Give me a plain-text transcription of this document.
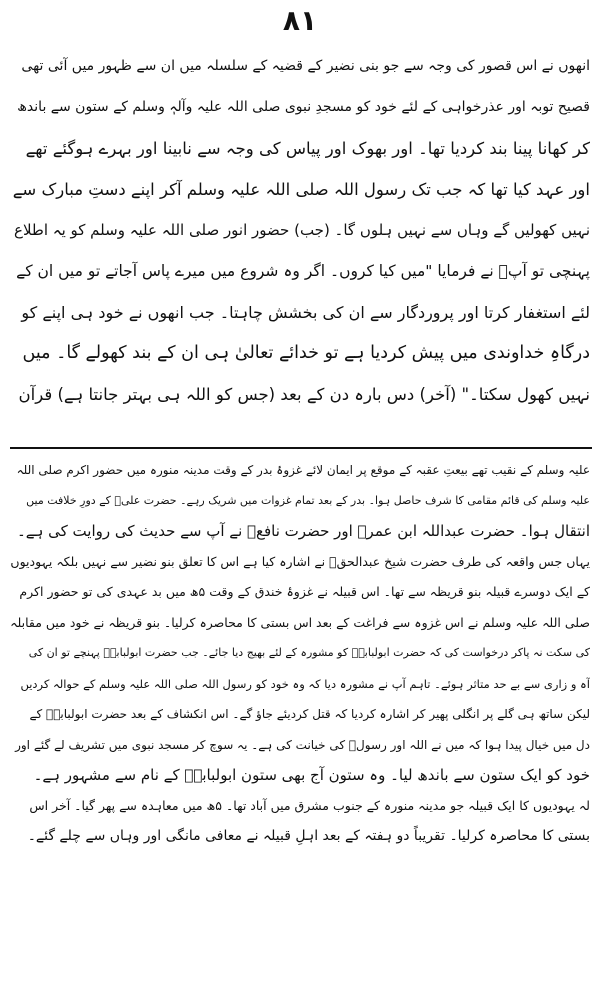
۸۱
انھوں نے اس قصور کی وجہ سے جو بنی نضیر کے قضیہ کے سلسلہ میں ان سے ظہور میں آئی تھی
قصیح توبہ اور عذرخواہی کے لئے خود کو مسجدِ نبوی صلی اللہ علیہ وآلہٖ وسلم کے ستون سے باندھ
کر کھانا پینا بند کردیا تھا۔ اور بھوک اور پیاس کی وجہ سے نابینا اور بہرے ہوگئے تھے
اور عہد کیا تھا کہ جب تک رسول اللہ صلی اللہ علیہ وسلم آکر اپنے دستِ مبارک سے
نہیں کھولیں گے وہاں سے نہیں ہلوں گا۔ (جب) حضور انور صلی اللہ علیہ وسلم کو یہ اطلاع
پہنچی تو آپؐ نے فرمایا "میں کیا کروں۔ اگر وہ شروع میں میرے پاس آجاتے تو میں ان کے
لئے استغفار کرتا اور پروردگار سے ان کی بخشش چاہتا۔ جب انھوں نے خود ہی اپنے کو
درگاہِ خداوندی میں پیش کردیا ہے تو خدائے تعالیٰ ہی ان کے بند کھولے گا۔ میں
نہیں کھول سکتا۔" (آخر) دس بارہ دن کے بعد (جس کو اللہ ہی بہتر جانتا ہے) قرآن
علیہ وسلم کے نقیب تھے بیعتِ عقبہ کے موقع پر ایمان لائے غزوۂ بدر کے وقت مدینہ منورہ میں حضور اکرم صلی اللہ
علیہ وسلم کی قائم مقامی کا شرف حاصل ہوا۔ بدر کے بعد تمام غزوات میں شریک رہے۔ حضرت علیؓ کے دورِ خلافت میں
انتقال ہوا۔ حضرت عبداللہ ابن عمرؓ اور حضرت نافعؓ نے آپ سے حدیث کی روایت کی ہے۔
یہاں جس واقعہ کی طرف حضرت شیخ عبدالحقؒ نے اشارہ کیا ہے اس کا تعلق بنو نضیر سے نہیں بلکہ یہودیوں
کے ایک دوسرے قبیلہ بنو قریظہ سے تھا۔ اس قبیلہ نے غزوۂ خندق کے وقت ۵ھ میں بد عہدی کی تو حضور اکرم
صلی اللہ علیہ وسلم نے اس غزوہ سے فراغت کے بعد اس بستی کا محاصرہ کرلیا۔ بنو قریظہ نے خود میں مقابلہ
کی سکت نہ پاکر درخواست کی کہ حضرت ابولبابہؓ کو مشورہ کے لئے بھیج دیا جائے۔ جب حضرت ابولبابہؓ پہنچے تو ان کی
آہ و زاری سے بے حد متاثر ہوئے۔ تاہم آپ نے مشورہ دیا کہ وہ خود کو رسول اللہ صلی اللہ علیہ وسلم کے حوالہ کردیں
لیکن ساتھ ہی گلے پر انگلی پھیر کر اشارہ کردیا کہ قتل کردیئے جاؤ گے۔ اس انکشاف کے بعد حضرت ابولبابہؓ کے
دل میں خیال پیدا ہوا کہ میں نے اللہ اور رسولؐ کی خیانت کی ہے۔ یہ سوچ کر مسجد نبوی میں تشریف لے گئے اور
خود کو ایک ستون سے باندھ لیا۔ وہ ستون آج بھی ستون ابولبابہؓ کے نام سے مشہور ہے۔
لہ یہودیوں کا ایک قبیلہ جو مدینہ منورہ کے جنوب مشرق میں آباد تھا۔ ۵ھ میں معاہدہ سے پھر گیا۔ آخر اس
بستی کا محاصرہ کرلیا۔ تقریباً دو ہفتہ کے بعد اہلِ قبیلہ نے معافی مانگی اور وہاں سے چلے گئے۔
